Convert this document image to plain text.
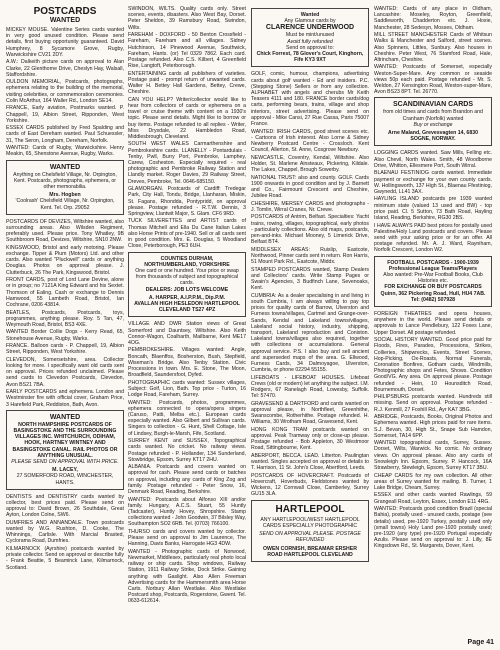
POSTCARDS
WANTED

MICKEY MOUSE. Valentine Series cards wanted in very good unused condition. Please send details, first buying opportunity guaranteed. David Humphrey, 8 Sycamore Grove, Rugby, Warwickshire CV21 2DY.

A.W.: Dalkeith picture cards on approval to Alan Clarke, 22 Glenthorne Drive, Cheslyn Hay, Walsall, Staffordshire.

OULDON MEMORIAL, Postcards, photographs, ephemera relating to the building of the memorial, visiting celebrities, or commemoration ceremonies. Colin McArthur, 164 Waller Rd., London SE14.

FRANCE, Early aviation, Postmarks wanted. P. Chappell, 19, Albion Street, Ripponden, West Yorkshire.

ESSEX CARDS published by Fred Spalding and cards of East Dereham wanted. Paul Schuessler, 31, The Seron, Longham, Dereham, Norfolk.

WANTED: Cards of Rugby, Warwickshire. Henry Meakin, 65, Shenstone Avenue, Rugby, Warks.

WANTED
Anything on Chelsfield Village, Nr. Orpington, Kent. Postcards, photographs, ephemera, or other memorabilia.
Mrs. Hogben
'Coolrash' Chelsfield Village, Nr. Orpington, Kent. Tel. Orp. 29052

POSTCARDS OF DEVIZES, Wiltshire wanted, also surrounding areas. Also Wilsden Regiment, preferably used. Please price. Tony Whatley, 9B Southbroom Road, Devizes, Wiltshire, SN10 2NW.

KINGSWOOD, Bristol and early motoring. Please exchange. Tipper & Plum (Motors) Ltd. and other cards. Also wanted "Pluckwell" cards or anything Douglas. Photos on approval please. J. Clutterbuck, 26 The Park, Kingswood, Bristol.

FRONT CARDS, post of Lord Lane Devine, alone or in group; no 7121A King Edward and his Sextet. Thomson of Ealing. Cash or exchange to Dennis Hamwood, 55 Lambeth Road, Bristol, Ian Cochrane, 0206 43814.

BEATLES, Postcards, Postcards, toys, programmes, anything please. Roy. 5 Tan, 47, Weymouth Road, Bristol, BS3 4XE.

WANTED Border Collie Dogs - Kerry Read, 65, Stonehouse Avenue, Rugby, Warks.

FRANCE. Balloon cards - P. Chappell, 19, Albion Street, Ripponden, West Yorkshire.

CLEVEDON, Somersetshire, area. Collector looking for more. I specifically want old cards sent on approval. Prices refunded unclaimed. Please send cards to Clevedon Postcards, Clevedon, Avon BS21 7BA.

EARLY POSTCARDS and ephemera. London and Westminster fire with official cover, Graham Price, 3 Harefield Park, Reddiston, Bath, Avon.

WANTED
NORTH HAMPSHIRE POSTCARDS OF BASINGSTOKE AND THE SURROUNDING VILLAGES INC. WHITCHURCH, ODIHAM, HOOK, HARTNEY WINTNEY AND BASINGSTOKE CANAL. RAIL PHOTOS OR ANYTHING UNUSUAL.
PLEASE SEND ON APPROVAL WITH PRICE.
M. LACEY,
27 SOMERFORD ROAD, WINCHESTER, HANTS.

DENTISTS and DENTISTRY cards wanted by collector, best prices paid. Please send on approval to: David Brown, 26 Southdale, Great Ayton, London Colne, SW6.

DUMFRIES AND ANNANDALE. Town postcards wanted by W.G. Rushton, D. Cooke, The Whinnings, Carlisle. With Marcial Brasted, Cyclorama Road, Dumfries.

KILMARNOCK (Ayrshire) postcards wanted by private collector. Send on approval or describe fully - Frank Beattie, 5 Beaminck Lane, Kilmarnock, Scotland.

SWINDON, WILTS. Quality cards only. Street scenes, events, disasters. Also West Bay, Dorset. Peter Sheldon, 39 Ramsbury Road, Swindon, Wilts.

FAREHAM - DOXFORD - 50 Benton Crossfield - Fareham, Fareham and all villages. Sidney Hutchinson, 14 Pinewood Avenue, Southwick, Fareham, Hants. (or) Tel 0329 7862. Each card. Postage refunded. Also C.S. Kilbert, 4 Greenfield Rise, Langtoft, Peterborough.

ENTERTAINING cards all publishers of varieties. Postage paid - prompt return of unwanted cards. Walter H. Bettey Hall Gardens, Bettey, Crewe, Cheshire.

CAN YOU HELP? Writer/collector would like to hear from collectors of cards or ephemera on a travel or cruise theme with content on a 1930's topic. Please send details. Might like to borrow or buy items. Postage refunded to all replies - Writer, Miss Drysdale, 22 Hambledon Road, Middlesbrough, Cleveland.

SOUTH WEST WALES Carmarthenshire and Pembrokeshire cards. LLANELLY - Pontardulais - Tenby, Pwll, Burry Port, Pembroke, Lamphey, Carew, Cosheston. Especially required - real photographic and Pembroke Railway Station and Llandly market. Roger Davies, 29 Railway Street, Dreves, Pembroke, Tel. 0646-685150.

GLAMORGAN. Postcards of Cardiff: Tredegar Park, City Hall, Tondu, Bridge, Llanharan, Miskin, St. Fagans, Rhondda, Pontypridd, on approval please. Postage refunded - R.T.W. Dennis, 3 Springview, Llantwit Major, S. Glam. CF6 9RD.

TUCK SILVERETTES and ARTIST cards of Thomas Mitchell and Ella Du Cane Italian Lakes also Horse Prints of pre-1940. Sell or all cards sent in good condition. Mrs. E. Douglas, 5 Woodland Close, Peterborough, PE3 6UH.

COUNTIES DURHAM,
NORTHUMBERLAND, YORKSHIRE
One card or one hundred. Your price or swap from thousands of subject and topographical cards.
DEALERS: JOB LOTS WELCOME
A. HARPER, A.I.P.P.M., Dip.P.M.
AVALLAN HIGH HESLEDON HARTLEPOOL CLEVELAND TS27 4PZ

VILLAGE AND DWR Station views of Great Somerford and Dauntsey, Wiltshire. Also Keith Connor-Wagon, Coalharth, Mailbarne, Kent ME17 4OG.

PEMBROKESHIRE. Villages wanted: Angle, Boncath, Blaenffos, Bosherston, Bush, Stepfield, Wiseman's Bridge. Also Tenby Station. Civic Processions in town. Mrs. E. Stone, The Moon, Broadfield, Saundersfoot, Dyfed.

PHOTOGRAPHIC cards wanted: Sussex villages, Subject: Golf, Lion, Bath. Top price - Turton, 16 Lodge Road, Fareham, Surrey.

WANTED: Postcards, photos, programmes, ephemera connected to opera/opera singers (Caruso, Patti, Melba etc.). European cards especially wanted. Also Gilbert and Sullivan cards. Singers to collection - G. Hunt, Shell Cottage, Isle of Lindsey, Burgh-le-Marsh, Fife, Scotland.

SURREY KENT and SUSSEX, Topographical cards wanted. No cricket. No railway views. Postage refunded - P. Hollander, 134 Sunderland, Stowbridge, Epsom, Surrey KT17 2HU.

ALBANIA. Postcards and covers wanted on approval for cash. Please send cards or batches on approval, including any cards of King Zog and family. Postage refunded - Peter Snow, 16, Denmark Road, Reading, Berkshire.

WANTED: Postcards about Alfonso XIII and/or family. Hungary, A.C.S. Stuart, 55 Huntly (Tadcaster), Huntly Hovey, Shropshire. Stamp collections wanted - John Goodwin, 37 Bilsley Way, Southampton SO2 6RB. Tel. (0703) 766100.

THURSO cards and covers wanted by collector. Please send on approval to Jim Laurence, The Hanning, Davis Banks, Harrogate HG3 4DW.

WANTED - Photographic cards of Norwood, Newmarket, Middlesex, particularly real photo local railway or ship cards. Shop windows, Railway Station, 1911 Railway Strike, Dock Strike. Gaining anything with Gaslight. Also Allen Freeman Advertising cards for the Hammersmith area Horse Carts. Norbury Allan Westlake. Also Westlake Postcard shop, Postcards, Rogerstone, Gwent. Tel. 0633-612614.

Wanted
Any Glamour cards by
CLARENCE UNDERWOOD
Must be mint/unused
Avoid fully refunded
Send on approval to:
Chick Forrest, 78 Glover's Court, Kinghorn, Fife KY3 9XT

GOLF, comic, humour, champions, advertising cards about golf wanted - Ed and insiders. P.C. (Stepping Stone) Sellers or from any collection. ALPHABET with angels and cherubs Mr Keith Teasers 4111 and 180. FRANCE border cards/dog carts, performing bears, trains, village and shop interiors, street advertising. Please send on approval - Mike Cansi, 27 Rue Cassa, Paris 75007 France.

WANTED: IRISH CARDS, good street scenes etc. - Cartoons of Irish interest. Also Lorne & Sidney Newberry Postcard Centre - Crossloch. Kent Council, Allerton, St. Anne, Cosgrove Newbury.

NEWCASTLE, Coventry, Kendal, Wiltshire. Also Holder, St. Marlene Ainsteaux, Pickering, Kildale. The Lakes, Chappel, Brough Sowerby.

NATIONAL TRUST: also and county. GOLF. Cards 1900 onwards in good condition and by J. Barnett and Co., Fairmount Crescent and Cheshire, Jubilee Road.

CHESHIRE, MERSEY CARDS and photographs - J. Tomlin, Wirral Cranes, Nr. Crewe.

POSTCARDS of Antrim, Belfast. Specialties: Yacht trains, rowing, villages, topographical, early photos - particularly collections. Also old maps, postcards, pen-and-inks. Michael Mooney, 5 Limerick Drive, Belfast BT4.

MIDDLESEX AREAS: Ruislip, Eastcote, Northwood, Pinner cards sent in return. Ron Harris, 51 Mount Park Rd., Eastcote, Middx.

STAMPED POSTCARDS wanted, Stamp Dealers and Collectors' cards. Write Stamp Pages or Swain's Agencies, 3 Budfinch Lane, Sevenoaks, Kent.

CUMBRIA: As a dealer specialising in and living in south Cumbria, I am always willing to pay top prices for quality cards of Barrow, Ulverston and Furness towns/villages, Cartmel and Grange-over-Sands, Kendal and Lakeland towns/villages, Lakeland social history, industry, shipping, transport, Lakeland reproduction and Coniston. Lakeland towns/villages also required, together with collections or accumulations. General approval service. P.S. I also buy and sell ancient and superseded maps of the area. G. Ellwood, Furness Cards, 34 Dalmoyagoe, Ulverston, Cumbria, or phone 02294 55155.

LIFEBOATS - LIFEBOAT HOUSES. Lifeboat Crews (old or modern) let anything the subject. I.M. Rodgers, 67 Ranelagh Road, Lowesby, Suffolk. Tel: 57470.

GRAVESEND & DARTFORD and cards wanted on approval please, in Northfleet, Greenhithe, Swanscombe, Rotherhithe. Postage refunded. H. Williams, 30 Wrotham Road, Gravesend, Kent.

HONG KONG TRAM postcards wanted on approval. Peak Tramway only or close-up please. Postage refunded - Bob Appleton, 30 Westmoor Road, Sittingbourne, Kent.

ABERPORT, BECCA. LEAD. Litterton. Paulingtan wanted. Singles accepted on approval or details to T. Harrison, 11 St. John's Close, Abertford, Leeds.

POSTCARDS OF HOVERCRAFT. Postcards of Hovercraft, Hoverbuds, Fieldstones wanted by Wickens, 12 Cornwall Close, Camberley, Surrey GU15 3LA.

HARTLEPOOL
ANY HARTLEPOOL/WEST HARTLEPOOL CARDS ESPECIALLY PHOTOGRAPHIC
SEND ON APPROVAL PLEASE. POSTAGE REFUNDED
OWEN CORNISH, BREAMAR ERSHER ROAD HARTLEPOOL CLEVELAND

WANTED: Cards of any place in Oldham, Lancashire: Moseley, Royton, Greenfield, Saddleworth, Chadderton etc. J. Hoxie, Manchester, 28 Sedesyn, Mosses, Oldham.

MILL STREET MANCHESTER Cards of Whitsun Walks & Manchester and Salford, street scenes. Also Spinners, Littles, Sunbury. Also houses in Cheshire. Peter West, 76 Stamford Road, Hale, Altrincham, Cheshire.

WANTED: Postcards of Somerset, especially Weston-Super-Mare. Any common or seaside views 50p each paid. Postage refunded - Mr. S. Weldon, 27 Kensington Road, Weston-super-Mare, Avon BS23 8PT. Tel. 26770.

SCANDINAVIAN CARDS
from old times and cards from Brandon and Cranham (Norfolk) wanted
Buy or exchange
Arne Maland, Grevesvagten 14, 6830 SOGNE, NORWAY.

LOGGING CARDS wanted. Saw Mills, Felling etc. Also Chevil, North Wales. Smith, 48 Woodborne Drive, Whitton, Ellesmere Port, South Wirral.

BLAENAU FESTINIOG cards wanted. Immediate payment or exchange for your own county cards. W. Hollingsworth, 137 High St., Blaenau Ffestiniog, Gwynedd, LL41 3AX.

HAYLING ISLAND postcards pre 1939 wanted minimum state (valued 13 used and BW) - top price paid. Cl. 5 Sutton, 73 Bath Road, Hayling Island, Reading, Berkshire, RG30 2BS.

I HAVE ALWAYS PAID best prices for postally used Palestine/Holy Land postcards and covers. Please send with your asking price or for an offer. All postage refunded. Mr. A. J. Ward, Rayniham, Norfolk Crescent, London W2.

FOOTBALL POSTCARDS - 1900-1939
Professional League Teams/Players
Also wanted: Pre-War Football Books, Club Histories etc.
FOR EXCHANGE OR BUY POSTCARDS
Quinn, 362 Pickering Road, Hull, HU4 7AB. Tel: (0482) 507928

FOREIGN THEATRES and opera houses, anywhere in the world. Please send details or approvals to Lance Pendlebury, 122 Foxes Lane, Upper Dorset. All postage refunded.

SOCIAL HISTORY WANTED. Good price paid for Floods, Fires, Parades, Processions, Strikes, Collieries, Shipwrecks, Events, Street Scenes, Hop-Picking, Ox-Roasts, Normal Funerals, Coronation Bonfires, Gotham cards, Windmills, Photographic shops and Fetes, Shows. Condition Good/VG. Any area. On approval please. Postage refunded - Hein, 10 Hounsditch Road, Bournemouth, Dorset.

PHILIPSBURG postcards wanted. Hundreds still missing. Send on approval. Postage refunded - R.J. Kenmill, 27 Foxhill Rd., Ayr KA7 3BG.

ABRIDGE, Postcards, Books, Original Photos and Ephemera wanted. High prices paid for rare items. S.J. Bevan, 30, High St., Snape Sub Hamdon, Somerset, TA14 6PP.

WANTED topographical cards, Surrey, Sussex. Dorset, Wilts, Warwick. No comic. No ordinary views. On approval please. Also any cards of Snowleigh Inn. Epsom, Surrey. P. Hancock, 16A Strawberry, Stewleigh, Epsom, Surrey KT17 3BU.

CHEAP CARDS for my own collection. All other areas of Surrey wanted for mailing. B. Turner, 1 Lake Bridge, Cheam, Surrey.

ESSEX and other cards wanted Rawlings, 59 Grangeall Road, Leyton, Essex, London E11 4RG.

WANTED: Postcards good condition Brazil (special Bahia), postally used - unused cards, postage (see details) used, pre-1920 Turkey, postally used only (small towns) Holy Land pre-1920 postally used; pre-1920 (any type) pre-1920 Portugal especially Azulis. Please send on approval to: J. Lilly, 8E Kingsdown Rd., St. Margarets, Dover, Kent.

Page 41
